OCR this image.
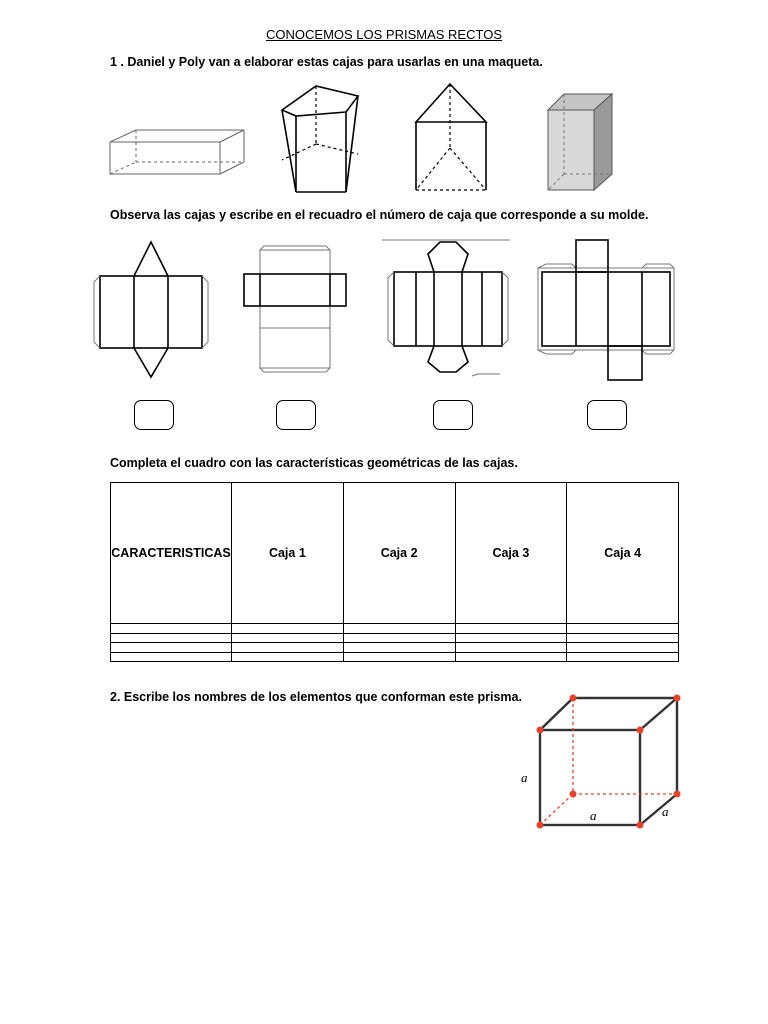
CONOCEMOS LOS PRISMAS RECTOS
1 . Daniel y Poly van a elaborar estas cajas para usarlas en una maqueta.
Observa las cajas y escribe en el recuadro el número de caja que corresponde a su molde.
Completa el cuadro con las características geométricas de las cajas.
CARACTERISTICAS	Caja 1	Caja 2	Caja 3	Caja 4

2. Escribe los nombres de los elementos que conforman este prisma.
a
a	a
